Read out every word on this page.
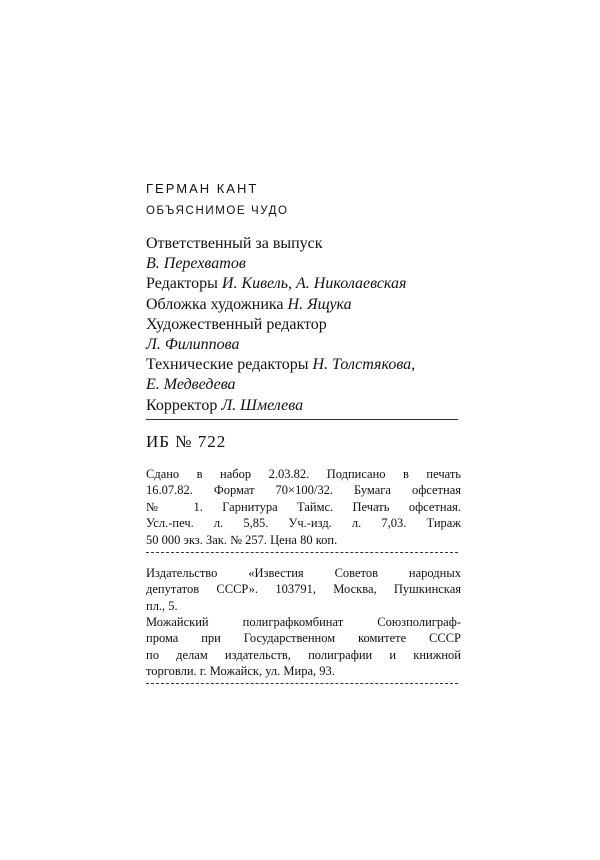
ГЕРМАН КАНТ
ОБЪЯСНИМОЕ ЧУДО
Ответственный за выпуск
В. Перехватов
Редакторы И. Кивель, А. Николаевская
Обложка художника Н. Ящука
Художественный редактор
Л. Филиппова
Технические редакторы Н. Толстякова,
Е. Медведева
Корректор Л. Шмелева
ИБ № 722
Сдано в набор 2.03.82. Подписано в печать
16.07.82. Формат 70×100/32. Бумага офсетная
№ 1. Гарнитура Таймс. Печать офсетная.
Усл.-печ. л. 5,85. Уч.-изд. л. 7,03. Тираж
50 000 экз. Зак. № 257. Цена 80 коп.
Издательство «Известия Советов народных
депутатов СССР». 103791, Москва, Пушкинская
пл., 5.
Можайский полиграфкомбинат Союзполиграф-
прома при Государственном комитете СССР
по делам издательств, полиграфии и книжной
торговли. г. Можайск, ул. Мира, 93.
